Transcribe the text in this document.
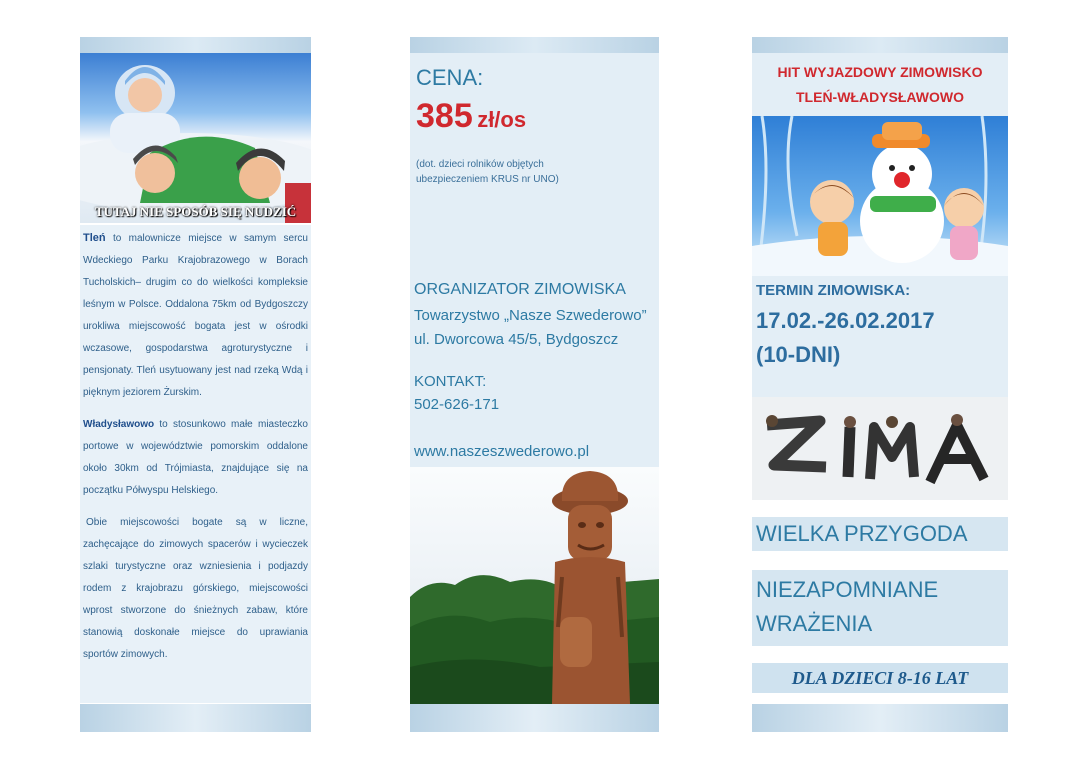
TUTAJ NIE SPOSÓB SIĘ NUDZIĆ

Tleń to malownicze miejsce w samym sercu Wdeckiego Parku Krajobrazowego w Borach Tucholskich– drugim co do wielkości kompleksie leśnym w Polsce. Oddalona 75km od Bydgoszczy urokliwa miejscowość bogata jest w ośrodki wczasowe, gospodarstwa agroturystyczne i pensjonaty. Tleń usytuowany jest nad rzeką Wdą i pięknym jeziorem Żurskim.

Władysławowo to stosunkowo małe miasteczko portowe w województwie pomorskim oddalone około 30km od Trójmiasta, znajdujące się na początku Półwyspu Helskiego.

Obie miejscowości bogate są w liczne, zachęcające do zimowych spacerów i wycieczek szlaki turystyczne oraz wzniesienia i podjazdy rodem z krajobrazu górskiego, miejscowości wprost stworzone do śnieżnych zabaw, które stanowią doskonałe miejsce do uprawiania sportów zimowych.

CENA:
385 zł/os
(dot. dzieci rolników objętych ubezpieczeniem KRUS nr UNO)
ORGANIZATOR ZIMOWISKA
Towarzystwo „Nasze Szwederowo”
ul. Dworcowa 45/5, Bydgoszcz
KONTAKT:
502-626-171
www.naszeszwederowo.pl
HIT WYJAZDOWY ZIMOWISKO
TLEŃ-WŁADYSŁAWOWO
TERMIN ZIMOWISKA:
17.02.-26.02.2017
(10-DNI)
WIELKA PRZYGODA
NIEZAPOMNIANE
WRAŻENIA
DLA DZIECI 8-16 LAT
